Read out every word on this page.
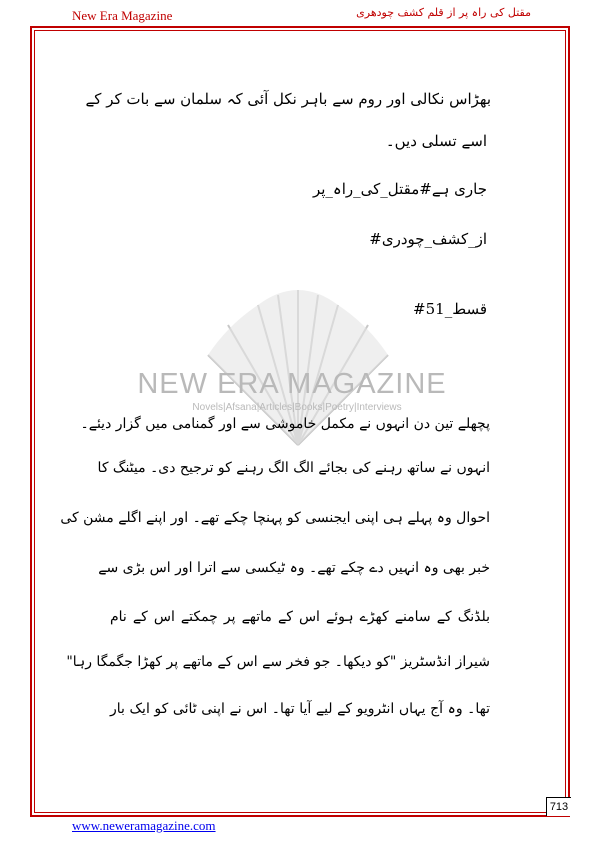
New Era Magazine	مقتل کی راہ پر از قلم کشف چودھری
NEW ERA MAGAZINE
Novels|Afsana|Articles|Books|Poetry|Interviews
بھڑاس نکالی اور روم سے باہر نکل آئی کہ سلمان سے بات کر کے
اسے تسلی دیں۔
جاری ہے#مقتل_کی_راہ_پر
از_کشف_چودری#
قسط_51#
پچھلے تین دن انہوں نے مکمل خاموشی سے اور گمنامی میں گزار دیئے۔
انہوں نے ساتھ رہنے کی بجائے الگ الگ رہنے کو ترجیح دی۔ میٹنگ کا
احوال وہ پہلے ہی اپنی ایجنسی کو پہنچا چکے تھے۔ اور اپنے اگلے مشن کی
خبر بھی وہ انہیں دے چکے تھے۔ وہ ٹیکسی سے اترا اور اس بڑی سے
بلڈنگ کے سامنے کھڑے ہوئے اس کے ماتھے پر چمکتے اس کے نام
شیراز انڈسٹریز "کو دیکھا۔ جو فخر سے اس کے ماتھے پر کھڑا جگمگا رہا"
تھا۔ وہ آج یہاں انٹرویو کے لیے آیا تھا۔ اس نے اپنی ٹائی کو ایک بار
713
www.neweramagazine.com
